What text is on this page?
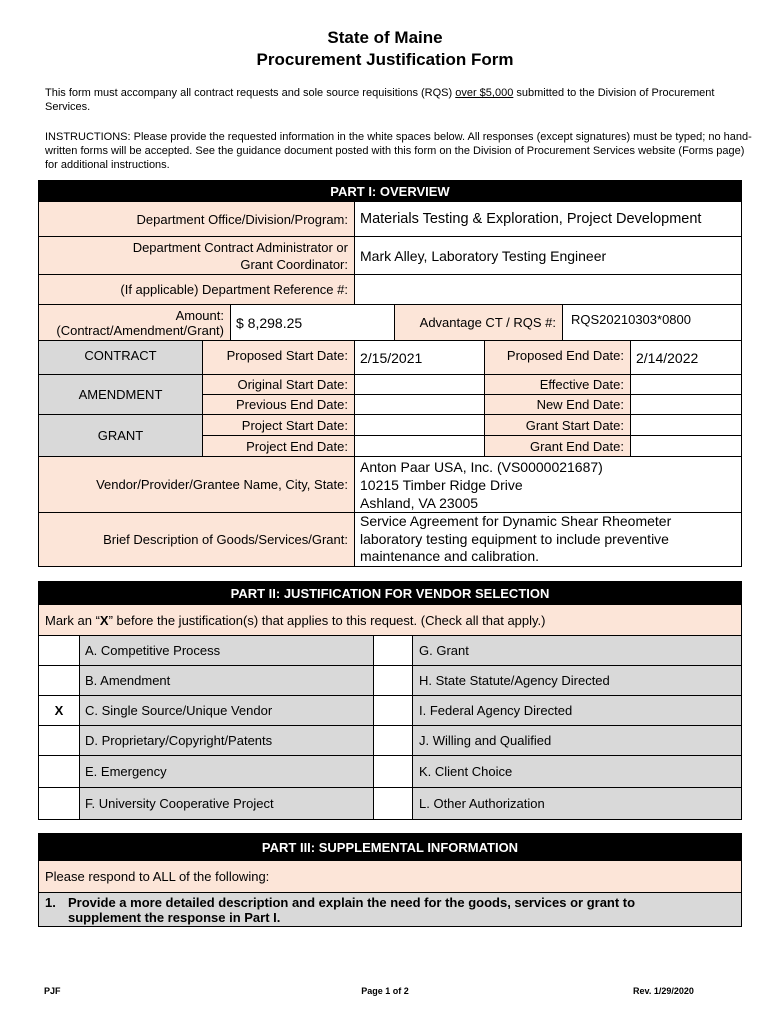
State of Maine
Procurement Justification Form
This form must accompany all contract requests and sole source requisitions (RQS) over $5,000 submitted to the Division of Procurement Services.
INSTRUCTIONS: Please provide the requested information in the white spaces below. All responses (except signatures) must be typed; no hand-written forms will be accepted. See the guidance document posted with this form on the Division of Procurement Services website (Forms page) for additional instructions.
PART I: OVERVIEW
Department Office/Division/Program: Materials Testing & Exploration, Project Development
Department Contract Administrator or
Grant Coordinator:
Mark Alley, Laboratory Testing Engineer
(If applicable) Department Reference #:
Amount:
(Contract/Amendment/Grant) $ 8,298.25	Advantage CT / RQS #:	RQS20210303*0800
CONTRACT	Proposed Start Date: 2/15/2021	Proposed End Date: 2/14/2022
AMENDMENT
Original Start Date:	Effective Date:
Previous End Date:	New End Date:
GRANT
Project Start Date:	Grant Start Date:
Project End Date:	Grant End Date:
Vendor/Provider/Grantee Name, City, State:
Anton Paar USA, Inc. (VS0000021687)
10215 Timber Ridge Drive
Ashland, VA 23005
Brief Description of Goods/Services/Grant:
Service Agreement for Dynamic Shear Rheometer
laboratory testing equipment to include preventive
maintenance and calibration.
PART II: JUSTIFICATION FOR VENDOR SELECTION
Mark an “X” before the justification(s) that applies to this request. (Check all that apply.)
A. Competitive Process	G. Grant
B. Amendment	H. State Statute/Agency Directed
X	C. Single Source/Unique Vendor	I. Federal Agency Directed
D. Proprietary/Copyright/Patents	J. Willing and Qualified
E. Emergency	K. Client Choice
F. University Cooperative Project	L. Other Authorization
PART III: SUPPLEMENTAL INFORMATION
Please respond to ALL of the following:
1. Provide a more detailed description and explain the need for the goods, services or grant to
supplement the response in Part I.
PJF	Page 1 of 2	Rev. 1/29/2020
